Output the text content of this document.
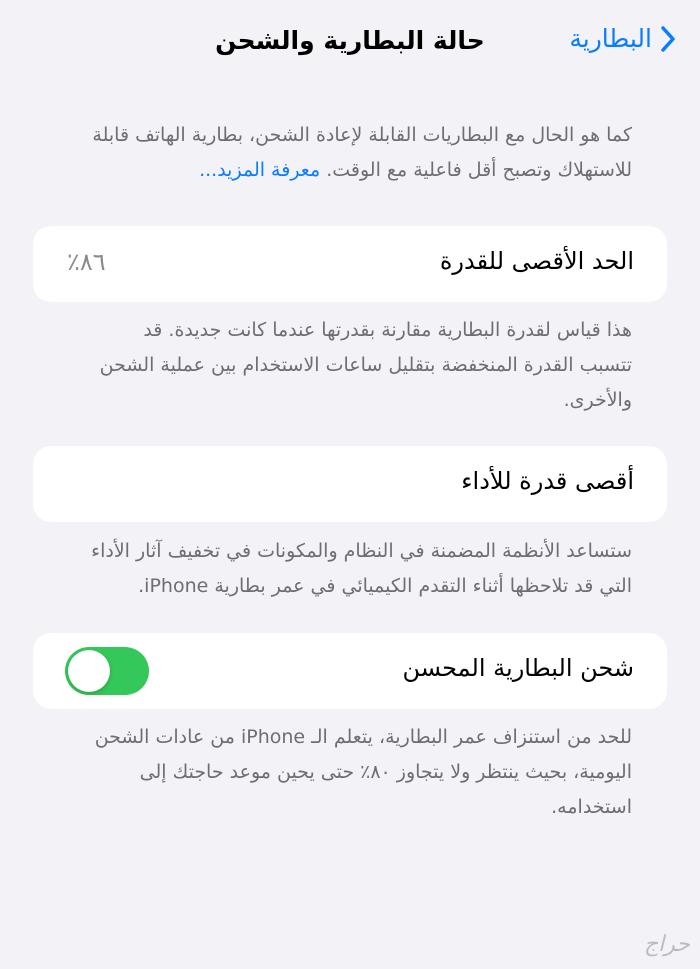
البطارية
حالة البطارية والشحن
كما هو الحال مع البطاريات القابلة لإعادة الشحن، بطارية الهاتف قابلة
للاستهلاك وتصبح أقل فاعلية مع الوقت. معرفة المزيد...
الحد الأقصى للقدرة
٪٨٦
هذا قياس لقدرة البطارية مقارنة بقدرتها عندما كانت جديدة. قد
تتسبب القدرة المنخفضة بتقليل ساعات الاستخدام بين عملية الشحن
والأخرى.
أقصى قدرة للأداء
ستساعد الأنظمة المضمنة في النظام والمكونات في تخفيف آثار الأداء
التي قد تلاحظها أثناء التقدم الكيميائي في عمر بطارية iPhone.
شحن البطارية المحسن
للحد من استنزاف عمر البطارية، يتعلم الـ iPhone من عادات الشحن
اليومية، بحيث ينتظر ولا يتجاوز ٨٠٪ حتى يحين موعد حاجتك إلى
استخدامه.
حراج
